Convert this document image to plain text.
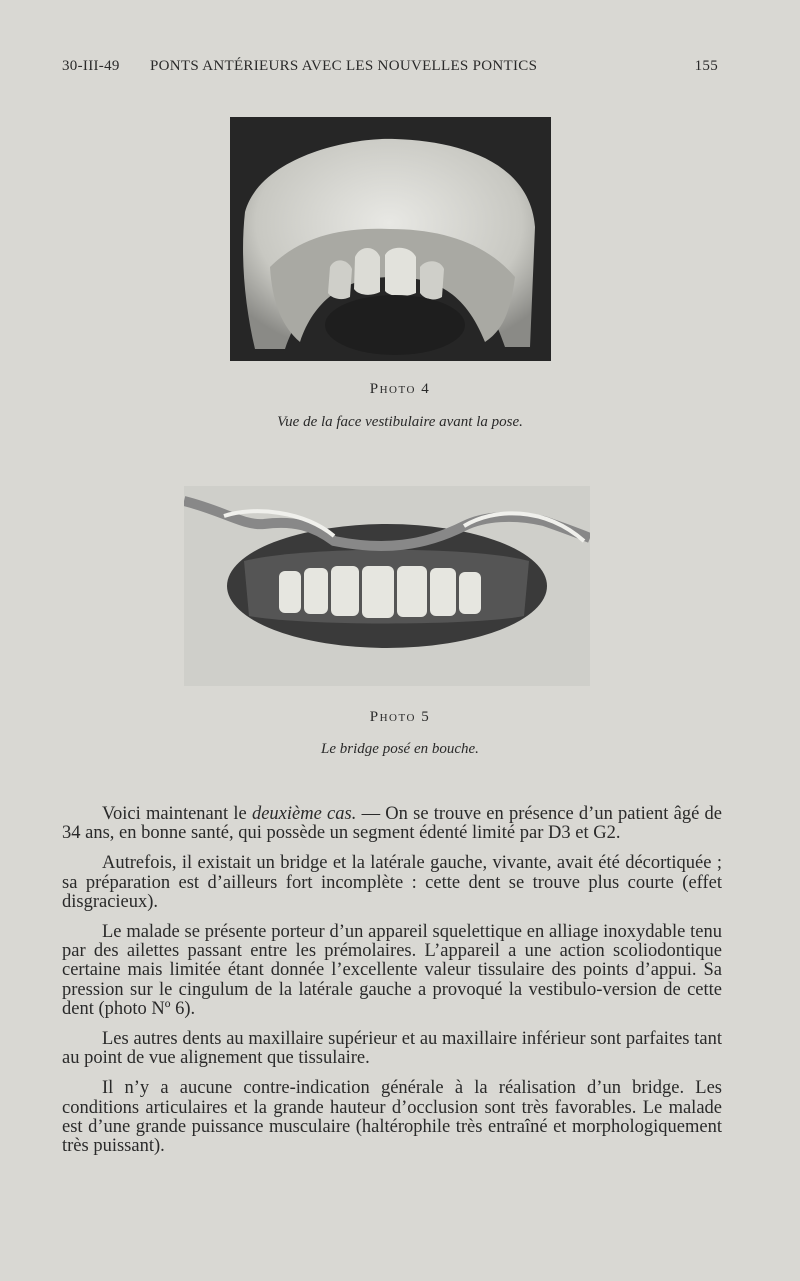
30-III-49 PONTS ANTÉRIEURS AVEC LES NOUVELLES PONTICS	155
Photo 4
Vue de la face vestibulaire avant la pose.
Photo 5
Le bridge posé en bouche.

Voici maintenant le deuxième cas. — On se trouve en présence d’un patient âgé de 34 ans, en bonne santé, qui possède un segment édenté limité par D3 et G2.

Autrefois, il existait un bridge et la latérale gauche, vivante, avait été décortiquée ; sa préparation est d’ailleurs fort incomplète : cette dent se trouve plus courte (effet disgracieux).

Le malade se présente porteur d’un appareil squelettique en alliage inoxydable tenu par des ailettes passant entre les prémolaires. L’appareil a une action scoliodontique certaine mais limitée étant donnée l’excellente valeur tissulaire des points d’appui. Sa pression sur le cingulum de la latérale gauche a provoqué la vestibulo-version de cette dent (photo Nº 6).

Les autres dents au maxillaire supérieur et au maxillaire inférieur sont parfaites tant au point de vue alignement que tissulaire.

Il n’y a aucune contre-indication générale à la réalisation d’un bridge. Les conditions articulaires et la grande hauteur d’occlusion sont très favorables. Le malade est d’une grande puissance musculaire (haltérophile très entraîné et morphologiquement très puissant).
